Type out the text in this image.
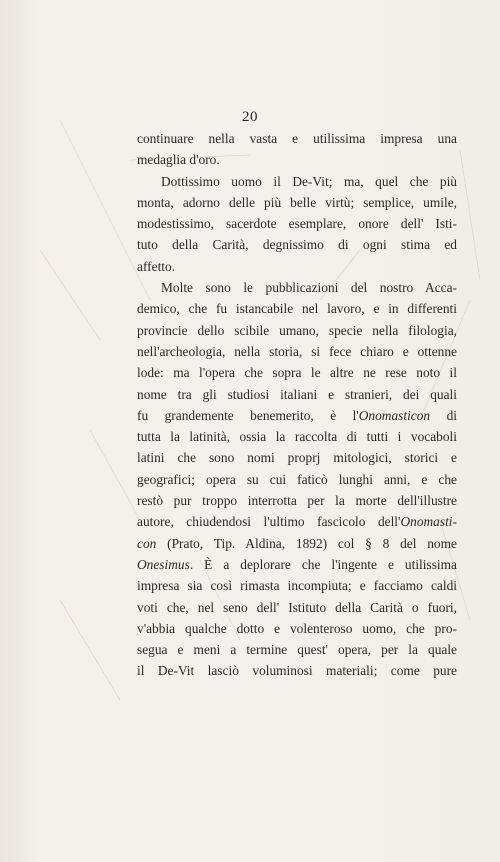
20
continuare nella vasta e utilissima impresa una
medaglia d'oro.
Dottissimo uomo il De-Vit; ma, quel che più
monta, adorno delle più belle virtù; semplice, umile,
modestissimo, sacerdote esemplare, onore dell' Isti-
tuto della Carità, degnissimo di ogni stima ed
affetto.
Molte sono le pubblicazioni del nostro Acca-
demico, che fu istancabile nel lavoro, e in differenti
provincie dello scibile umano, specie nella filologia,
nell'archeologia, nella storia, si fece chiaro e ottenne
lode: ma l'opera che sopra le altre ne rese noto il
nome tra gli studiosi italiani e stranieri, dei quali
fu grandemente benemerito, è l'Onomasticon di
tutta la latinità, ossia la raccolta di tutti i vocaboli
latini che sono nomi proprj mitologici, storici e
geografici; opera su cui faticò lunghi anni, e che
restò pur troppo interrotta per la morte dell'illustre
autore, chiudendosi l'ultimo fascicolo dell'Onomasti-
con (Prato, Tip. Aldina, 1892) col § 8 del nome
Onesimus. È a deplorare che l'ingente e utilissima
impresa sia così rimasta incompiuta; e facciamo caldi
voti che, nel seno dell' Istituto della Carità o fuori,
v'abbia qualche dotto e volenteroso uomo, che pro-
segua e meni a termine quest' opera, per la quale
il De-Vit lasciò voluminosi materiali; come pure
